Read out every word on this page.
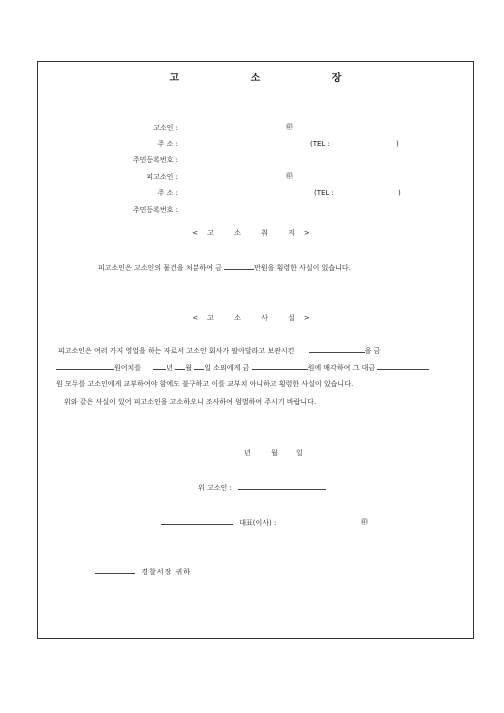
고 소 장
고소인 :	㊞
주 소 :	(TEL :	)
주민등록번호 :
피고소인 :	㊞
주 소 :	(TEL :	)
주민등록번호 :
<고 소 취 지>
피고소인은 고소인의 물건을 처분하여 금	만원을 횡령한 사실이 있습니다.
<고 소 사 실>
피고소인은 여러 가지 영업을 하는 자로서 고소인 회사가 팔아달라고 보관시킨	을 금
원어치를	년 월 일 소외에게 금	원에 매각하여 그 대금
원 모두를 고소인에게 교부하여야 함에도 불구하고 이를 교부치 아니하고 횡령한 사실이 있습니다.
위와 같은 사실이 있어 피고소인을 고소하오니 조사하여 엄벌하여 주시기 바랍니다.
년	월	일
위 고소인 :
대표(이사) :	㊞
경찰서장 귀하
